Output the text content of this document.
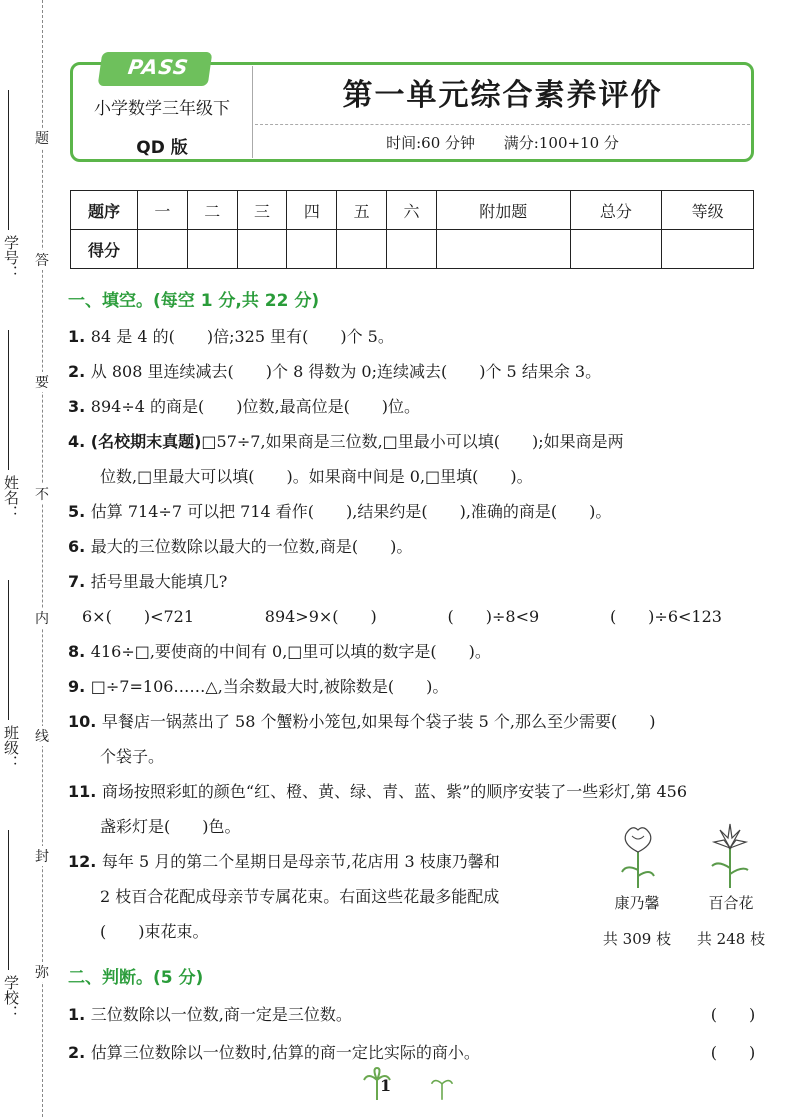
题
答
要
不
内
线
封
弥
学号：
姓名：
班级：
学校：
PASS
小学数学三年级下
QD 版
第一单元综合素养评价
时间:60 分钟 满分:100+10 分
题序	一	二	三	四	五	六	附加题	总分	等级
得分									
一、填空。(每空 1 分,共 22 分)
1. 84 是 4 的(　　)倍;325 里有(　　)个 5。
2. 从 808 里连续减去(　　)个 8 得数为 0;连续减去(　　)个 5 结果余 3。
3. 894÷4 的商是(　　)位数,最高位是(　　)位。
4. (名校期末真题)□57÷7,如果商是三位数,□里最小可以填(　　);如果商是两
位数,□里最大可以填(　　)。如果商中间是 0,□里填(　　)。
5. 估算 714÷7 可以把 714 看作(　　),结果约是(　　),准确的商是(　　)。
6. 最大的三位数除以最大的一位数,商是(　　)。
7. 括号里最大能填几?
6×(　　)<721	894>9×(　　)	(　　)÷8<9	(　　)÷6<123
8. 416÷□,要使商的中间有 0,□里可以填的数字是(　　)。
9. □÷7=106……△,当余数最大时,被除数是(　　)。
10. 早餐店一锅蒸出了 58 个蟹粉小笼包,如果每个袋子装 5 个,那么至少需要(　　)
个袋子。
11. 商场按照彩虹的颜色“红、橙、黄、绿、青、蓝、紫”的顺序安装了一些彩灯,第 456
盏彩灯是(　　)色。
12. 每年 5 月的第二个星期日是母亲节,花店用 3 枝康乃馨和
2 枝百合花配成母亲节专属花束。右面这些花最多能配成
(　　)束花束。
二、判断。(5 分)
1. 三位数除以一位数,商一定是三位数。	(　　)
2. 估算三位数除以一位数时,估算的商一定比实际的商小。	(　　)
康乃馨	百合花
共 309 枝	共 248 枝
1
